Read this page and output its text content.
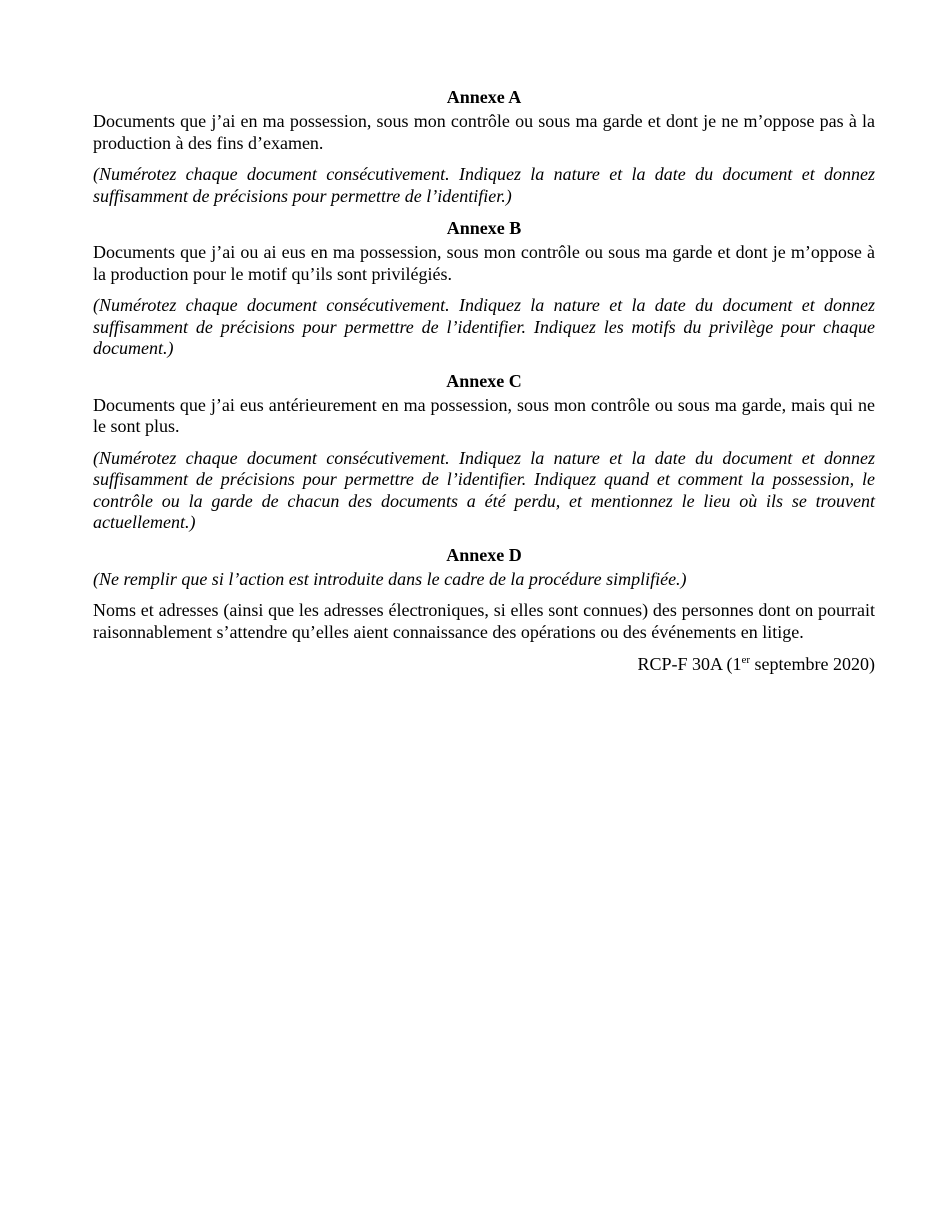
Annexe A

Documents que j’ai en ma possession, sous mon contrôle ou sous ma garde et dont je ne m’oppose pas à la production à des fins d’examen.

(Numérotez chaque document consécutivement. Indiquez la nature et la date du document et donnez suffisamment de précisions pour permettre de l’identifier.)

Annexe B

Documents que j’ai ou ai eus en ma possession, sous mon contrôle ou sous ma garde et dont je m’oppose à la production pour le motif qu’ils sont privilégiés.

(Numérotez chaque document consécutivement. Indiquez la nature et la date du document et donnez suffisamment de précisions pour permettre de l’identifier. Indiquez les motifs du privilège pour chaque document.)

Annexe C

Documents que j’ai eus antérieurement en ma possession, sous mon contrôle ou sous ma garde, mais qui ne le sont plus.

(Numérotez chaque document consécutivement. Indiquez la nature et la date du document et donnez suffisamment de précisions pour permettre de l’identifier. Indiquez quand et comment la possession, le contrôle ou la garde de chacun des documents a été perdu, et mentionnez le lieu où ils se trouvent actuellement.)

Annexe D

(Ne remplir que si l’action est introduite dans le cadre de la procédure simplifiée.)

Noms et adresses (ainsi que les adresses électroniques, si elles sont connues) des personnes dont on pourrait raisonnablement s’attendre qu’elles aient connaissance des opérations ou des événements en litige.

RCP-F 30A (1er septembre 2020)
